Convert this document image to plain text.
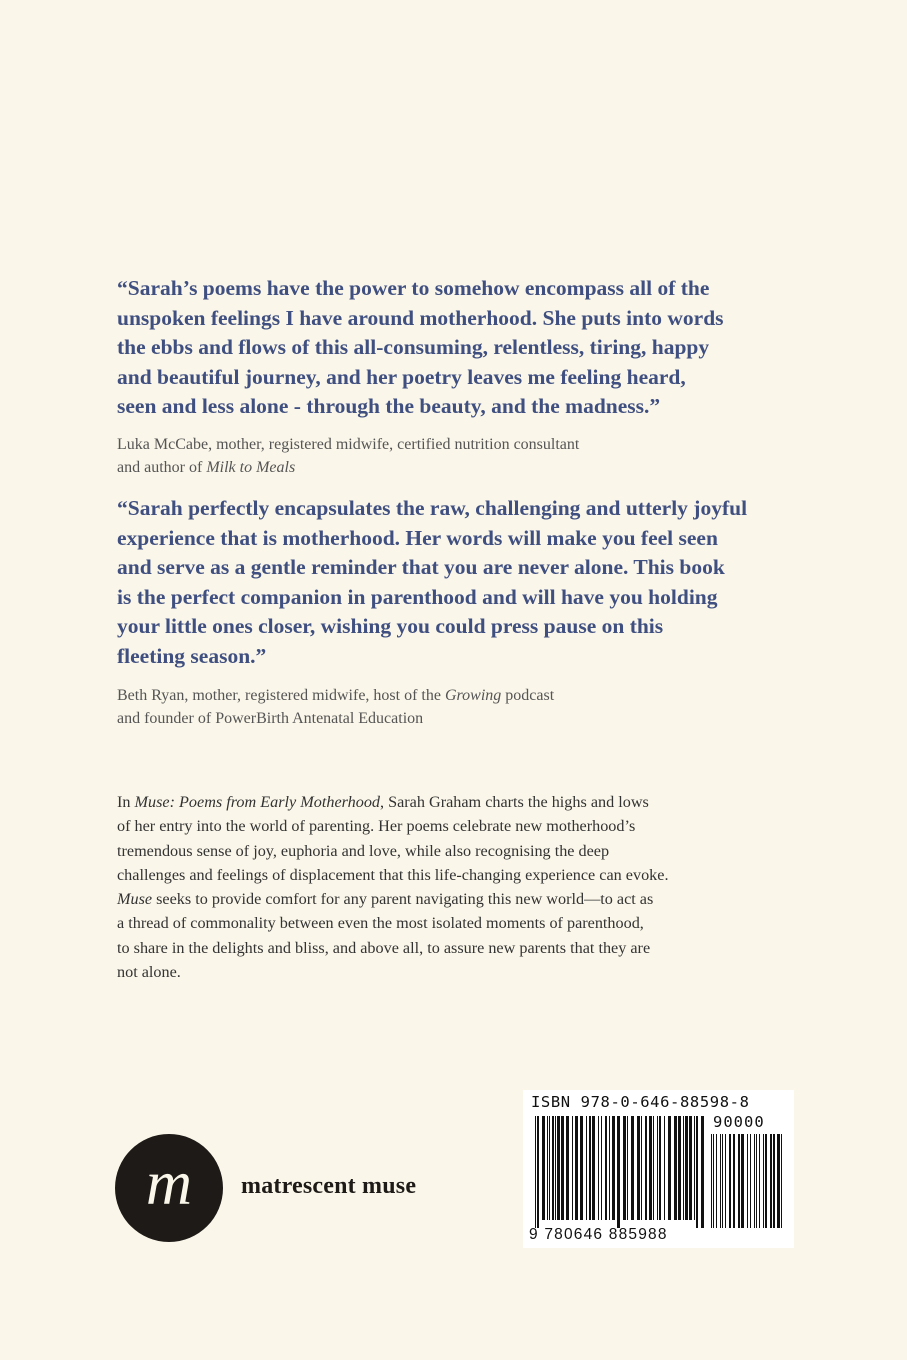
“Sarah’s poems have the power to somehow encompass all of the
unspoken feelings I have around motherhood. She puts into words
the ebbs and flows of this all-consuming, relentless, tiring, happy
and beautiful journey, and her poetry leaves me feeling heard,
seen and less alone - through the beauty, and the madness.”

Luka McCabe, mother, registered midwife, certified nutrition consultant
and author of Milk to Meals

“Sarah perfectly encapsulates the raw, challenging and utterly joyful
experience that is motherhood. Her words will make you feel seen
and serve as a gentle reminder that you are never alone. This book
is the perfect companion in parenthood and will have you holding
your little ones closer, wishing you could press pause on this
fleeting season.”

Beth Ryan, mother, registered midwife, host of the Growing podcast
and founder of PowerBirth Antenatal Education

In Muse: Poems from Early Motherhood, Sarah Graham charts the highs and lows
of her entry into the world of parenting. Her poems celebrate new motherhood’s
tremendous sense of joy, euphoria and love, while also recognising the deep
challenges and feelings of displacement that this life-changing experience can evoke.
Muse seeks to provide comfort for any parent navigating this new world—to act as
a thread of commonality between even the most isolated moments of parenthood,
to share in the delights and bliss, and above all, to assure new parents that they are
not alone.

m matrescent muse
ISBN 978-0-646-88598-8
90000
9 780646 885988
